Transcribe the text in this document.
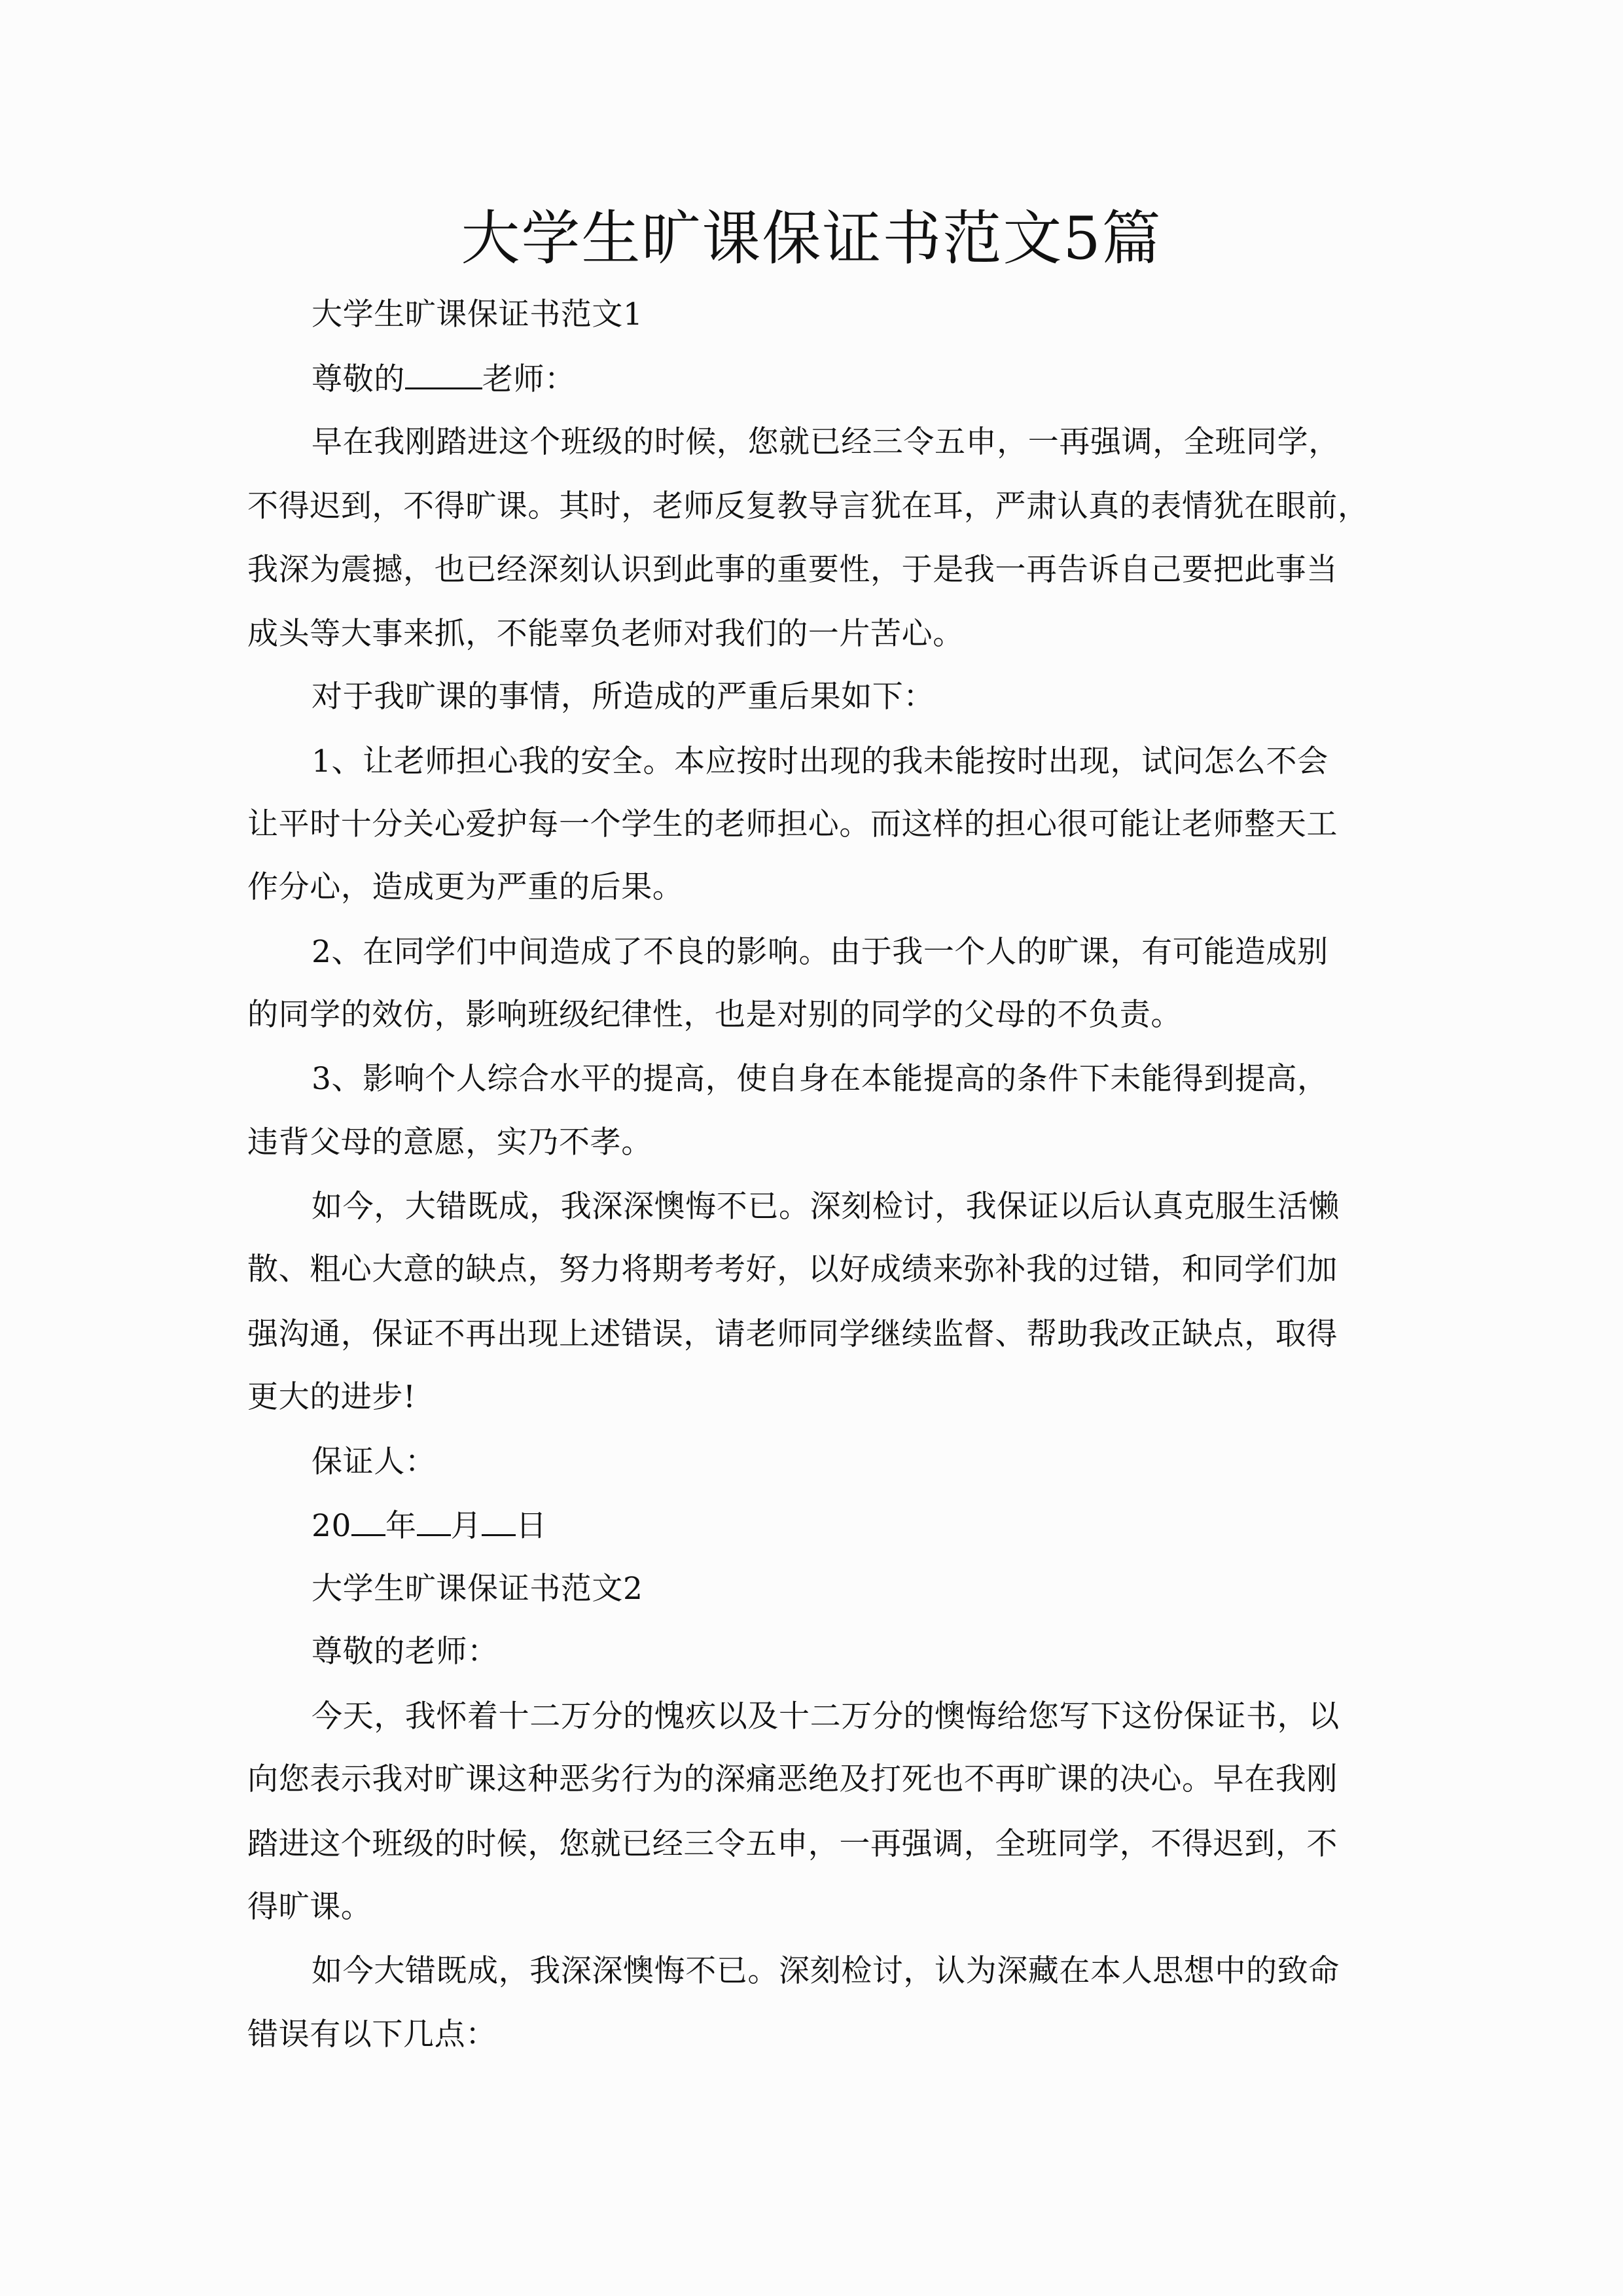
大学生旷课保证书范文5篇
大学生旷课保证书范文1
尊敬的	老师：
早在我刚踏进这个班级的时候，您就已经三令五申，一再强调，全班同学，
不得迟到，不得旷课。其时，老师反复教导言犹在耳，严肃认真的表情犹在眼前，
我深为震撼，也已经深刻认识到此事的重要性，于是我一再告诉自己要把此事当
成头等大事来抓，不能辜负老师对我们的一片苦心。
对于我旷课的事情，所造成的严重后果如下：
1、让老师担心我的安全。本应按时出现的我未能按时出现，试问怎么不会
让平时十分关心爱护每一个学生的老师担心。而这样的担心很可能让老师整天工
作分心，造成更为严重的后果。
2、在同学们中间造成了不良的影响。由于我一个人的旷课，有可能造成别
的同学的效仿，影响班级纪律性，也是对别的同学的父母的不负责。
3、影响个人综合水平的提高，使自身在本能提高的条件下未能得到提高，
违背父母的意愿，实乃不孝。
如今，大错既成，我深深懊悔不已。深刻检讨，我保证以后认真克服生活懒
散、粗心大意的缺点，努力将期考考好，以好成绩来弥补我的过错，和同学们加
强沟通，保证不再出现上述错误，请老师同学继续监督、帮助我改正缺点，取得
更大的进步!
保证人：
20 年 月 日
大学生旷课保证书范文2
尊敬的老师：
今天，我怀着十二万分的愧疚以及十二万分的懊悔给您写下这份保证书，以
向您表示我对旷课这种恶劣行为的深痛恶绝及打死也不再旷课的决心。早在我刚
踏进这个班级的时候，您就已经三令五申，一再强调，全班同学，不得迟到，不
得旷课。
如今大错既成，我深深懊悔不已。深刻检讨，认为深藏在本人思想中的致命
错误有以下几点：
